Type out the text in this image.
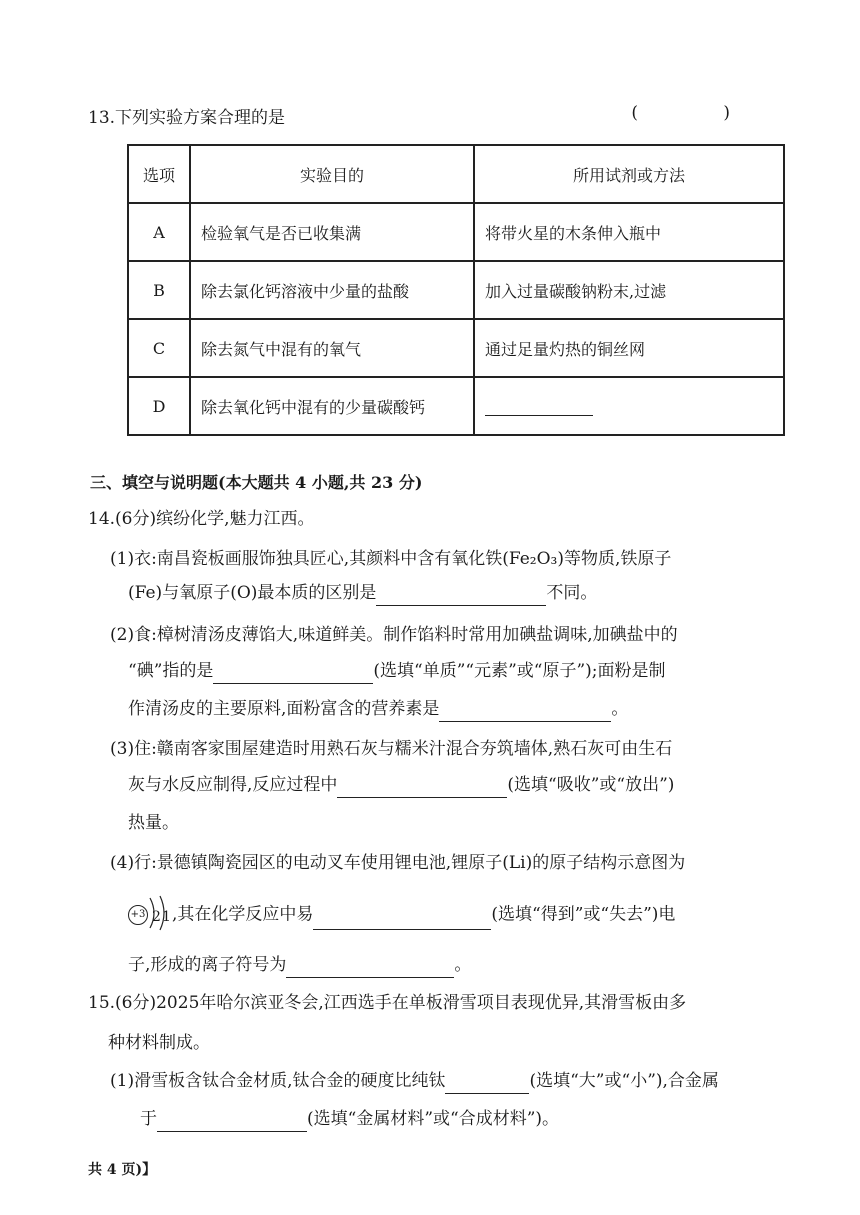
13.下列实验方案合理的是	( )
选项	实验目的	所用试剂或方法
A	检验氧气是否已收集满	将带火星的木条伸入瓶中
B	除去氯化钙溶液中少量的盐酸	加入过量碳酸钠粉末,过滤
C	除去氮气中混有的氧气	通过足量灼热的铜丝网
D	除去氧化钙中混有的少量碳酸钙	
三、填空与说明题(本大题共 4 小题,共 23 分)
14.(6分)缤纷化学,魅力江西。
(1)衣:南昌瓷板画服饰独具匠心,其颜料中含有氧化铁(Fe₂O₃)等物质,铁原子
(Fe)与氧原子(O)最本质的区别是	不同。
(2)食:樟树清汤皮薄馅大,味道鲜美。制作馅料时常用加碘盐调味,加碘盐中的
“碘”指的是	(选填“单质”“元素”或“原子”);面粉是制
作清汤皮的主要原料,面粉富含的营养素是	。
(3)住:赣南客家围屋建造时用熟石灰与糯米汁混合夯筑墙体,熟石灰可由生石
灰与水反应制得,反应过程中	(选填“吸收”或“放出”)
热量。
(4)行:景德镇陶瓷园区的电动叉车使用锂电池,锂原子(Li)的原子结构示意图为
+3 2 1 ,其在化学反应中易	(选填“得到”或“失去”)电
子,形成的离子符号为	。
15.(6分)2025年哈尔滨亚冬会,江西选手在单板滑雪项目表现优异,其滑雪板由多
种材料制成。
(1)滑雪板含钛合金材质,钛合金的硬度比纯钛	(选填“大”或“小”),合金属
于	(选填“金属材料”或“合成材料”)。
共 4 页)】
